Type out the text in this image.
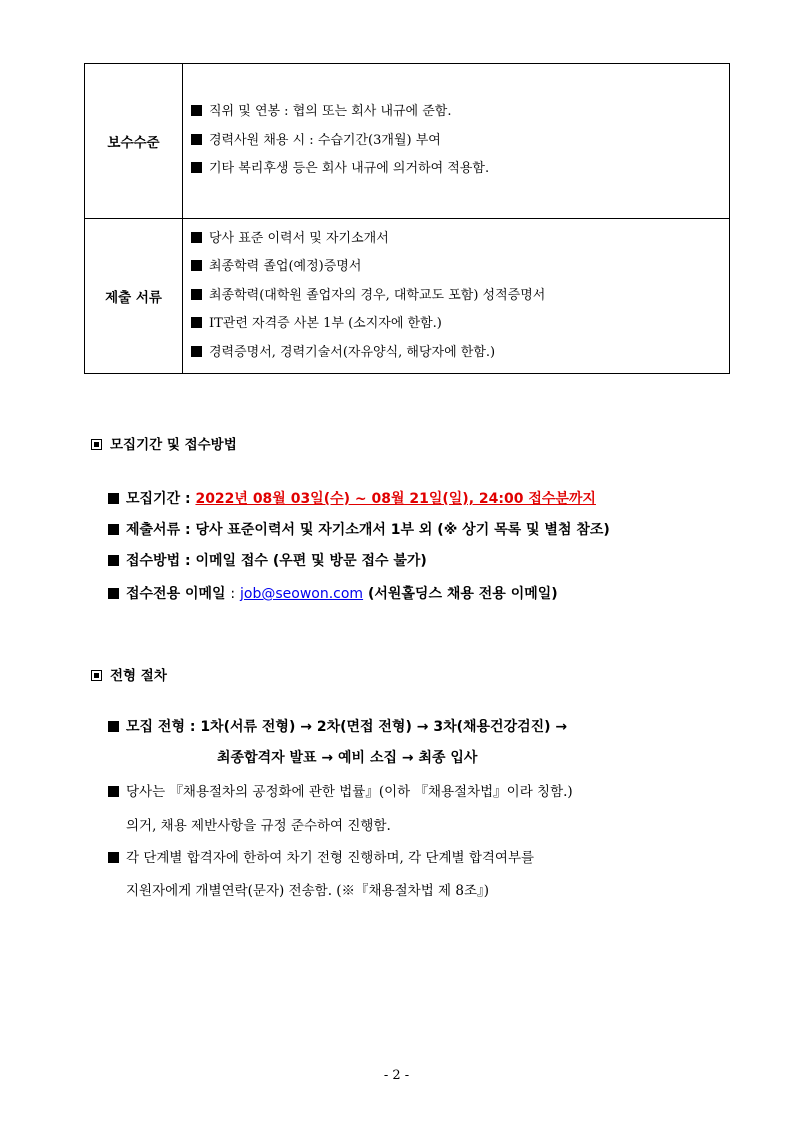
보수수준	직위 및 연봉 : 협의 또는 회사 내규에 준함.
경력사원 채용 시 : 수습기간(3개월) 부여
기타 복리후생 등은 회사 내규에 의거하여 적용함.

제출 서류	당사 표준 이력서 및 자기소개서
최종학력 졸업(예정)증명서
최종학력(대학원 졸업자의 경우, 대학교도 포함) 성적증명서
IT관련 자격증 사본 1부 (소지자에 한함.)
경력증명서, 경력기술서(자유양식, 해당자에 한함.)
모집기간 및 접수방법
모집기간 : 2022년 08월 03일(수) ~ 08월 21일(일), 24:00 접수분까지
제출서류 : 당사 표준이력서 및 자기소개서 1부 외 (※ 상기 목록 및 별첨 참조)
접수방법 : 이메일 접수 (우편 및 방문 접수 불가)
접수전용 이메일 : job@seowon.com (서원홀딩스 채용 전용 이메일)
전형 절차
모집 전형 : 1차(서류 전형) → 2차(면접 전형) → 3차(채용건강검진) →
최종합격자 발표 → 예비 소집 → 최종 입사
당사는 『채용절차의 공정화에 관한 법률』(이하 『채용절차법』이라 칭함.)
의거, 채용 제반사항을 규정 준수하여 진행함.
각 단계별 합격자에 한하여 차기 전형 진행하며, 각 단계별 합격여부를
지원자에게 개별연락(문자) 전송함. (※『채용절차법 제 8조』)
- 2 -
